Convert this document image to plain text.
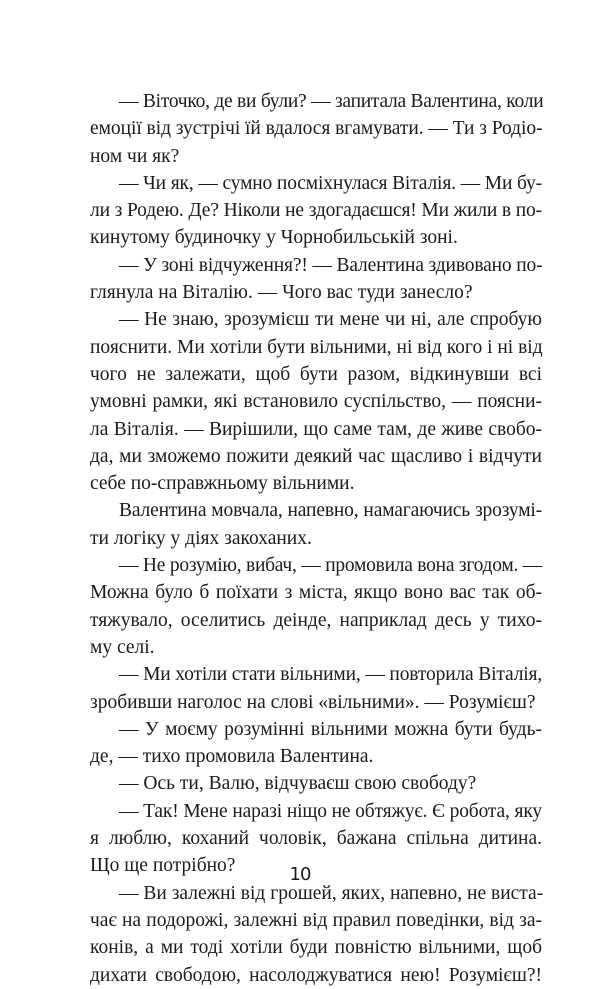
— Віточко, де ви були? — запитала Валентина, коли
емоції від зустрічі їй вдалося вгамувати. — Ти з Родіо-
ном чи як?
— Чи як, — сумно посміхнулася Віталія. — Ми бу-
ли з Родею. Де? Ніколи не здогадаєшся! Ми жили в по-
кинутому будиночку у Чорнобильській зоні.
— У зоні відчуження?! — Валентина здивовано по-
глянула на Віталію. — Чого вас туди занесло?
— Не знаю, зрозумієш ти мене чи ні, але спробую
пояснити. Ми хотіли бути вільними, ні від кого і ні від
чого не залежати, щоб бути разом, відкинувши всі
умовні рамки, які встановило суспільство, — поясни-
ла Віталія. — Вирішили, що саме там, де живе свобо-
да, ми зможемо пожити деякий час щасливо і відчути
себе по-справжньому вільними.
Валентина мовчала, напевно, намагаючись зрозумі-
ти логіку у діях закоханих.
— Не розумію, вибач, — промовила вона згодом. —
Можна було б поїхати з міста, якщо воно вас так об-
тяжувало, оселитись деінде, наприклад десь у тихо-
му селі.
— Ми хотіли стати вільними, — повторила Віталія,
зробивши наголос на слові «вільними». — Розумієш?
— У моєму розумінні вільними можна бути будь-
де, — тихо промовила Валентина.
— Ось ти, Валю, відчуваєш свою свободу?
— Так! Мене наразі ніщо не обтяжує. Є робота, яку
я люблю, коханий чоловік, бажана спільна дитина.
Що ще потрібно?
— Ви залежні від грошей, яких, напевно, не виста-
чає на подорожі, залежні від правил поведінки, від за-
конів, а ми тоді хотіли буди повністю вільними, щоб
дихати свободою, насолоджуватися нею! Розумієш?!
10
